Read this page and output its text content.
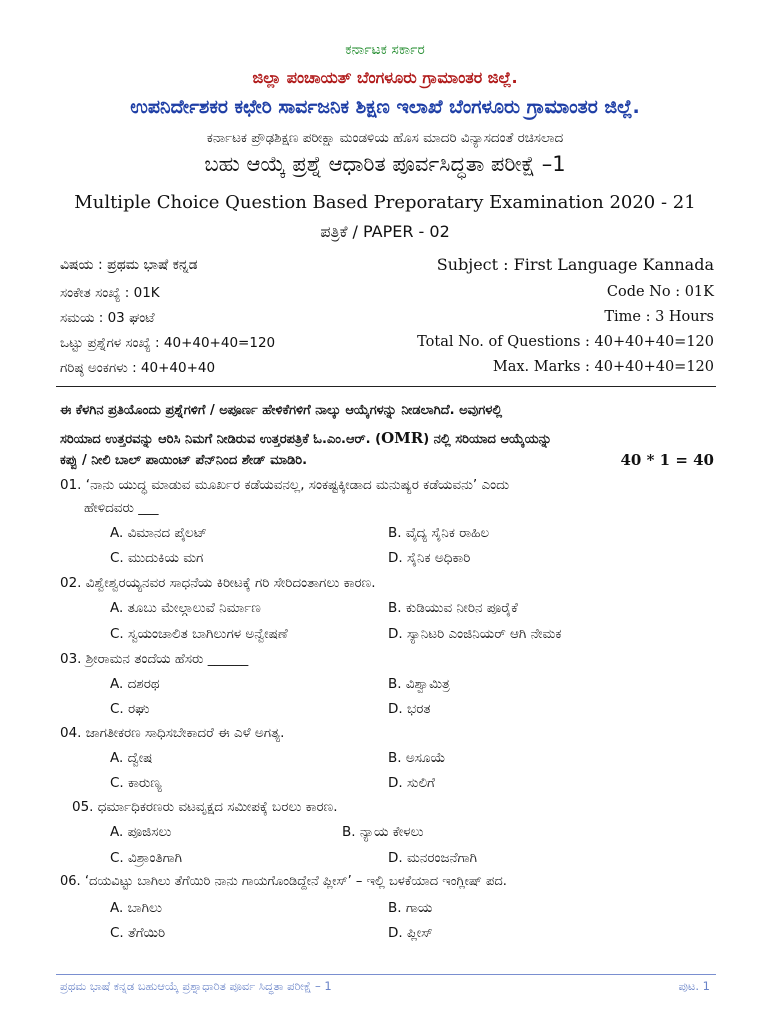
ಕರ್ನಾಟಕ ಸರ್ಕಾರ
ಜಿಲ್ಲಾ ಪಂಚಾಯತ್ ಬೆಂಗಳೂರು ಗ್ರಾಮಾಂತರ ಜಿಲ್ಲೆ.
ಉಪನಿರ್ದೇಶಕರ ಕಛೇರಿ ಸಾರ್ವಜನಿಕ ಶಿಕ್ಷಣ ಇಲಾಖೆ ಬೆಂಗಳೂರು ಗ್ರಾಮಾಂತರ ಜಿಲ್ಲೆ.
ಕರ್ನಾಟಕ ಪ್ರೌಢಶಿಕ್ಷಣ ಪರೀಕ್ಷಾ ಮಂಡಳಿಯ ಹೊಸ ಮಾದರಿ ವಿನ್ಯಾಸದಂತೆ ರಚಿಸಲಾದ
ಬಹು ಆಯ್ಕೆ ಪ್ರಶ್ನೆ ಆಧಾರಿತ ಪೂರ್ವಸಿದ್ಧತಾ ಪರೀಕ್ಷೆ –1
Multiple Choice Question Based Preporatary Examination 2020 - 21
ಪತ್ರಿಕೆ / PAPER - 02
ವಿಷಯ : ಪ್ರಥಮ ಭಾಷೆ ಕನ್ನಡ	Subject : First Language Kannada
ಸಂಕೇತ ಸಂಖ್ಯೆ : 01K	Code No : 01K
ಸಮಯ : 03 ಘಂಟೆ	Time : 3 Hours
ಒಟ್ಟು ಪ್ರಶ್ನೆಗಳ ಸಂಖ್ಯೆ : 40+40+40=120	Total No. of Questions : 40+40+40=120
ಗರಿಷ್ಠ ಅಂಕಗಳು : 40+40+40	Max. Marks : 40+40+40=120
ಈ ಕೆಳಗಿನ ಪ್ರತಿಯೊಂದು ಪ್ರಶ್ನೆಗಳಿಗೆ / ಅಪೂರ್ಣ ಹೇಳಿಕೆಗಳಿಗೆ ನಾಲ್ಕು ಆಯ್ಕೆಗಳನ್ನು ನೀಡಲಾಗಿದೆ. ಅವುಗಳಲ್ಲಿ
ಸರಿಯಾದ ಉತ್ತರವನ್ನು ಆರಿಸಿ ನಿಮಗೆ ನೀಡಿರುವ ಉತ್ತರಪತ್ರಿಕೆ ಓ.ಎಂ.ಆರ್. (OMR) ನಲ್ಲಿ ಸರಿಯಾದ ಆಯ್ಕೆಯನ್ನು
ಕಪ್ಪು / ನೀಲಿ ಬಾಲ್ ಪಾಯಿಂಟ್ ಪೆನ್‌ನಿಂದ ಶೇಡ್ ಮಾಡಿರಿ.	40 * 1 = 40
01. ‘ನಾನು ಯುದ್ಧ ಮಾಡುವ ಮೂರ್ಖರ ಕಡೆಯವನಲ್ಲ, ಸಂಕಷ್ಟಕ್ಕೀಡಾದ ಮನುಷ್ಯರ ಕಡೆಯವನು’ ಎಂದು
ಹೇಳಿದವರು ___
A. ವಿಮಾನದ ಪೈಲಟ್	B. ವೈದ್ಯ ಸೈನಿಕ ರಾಹಿಲ
C. ಮುದುಕಿಯ ಮಗ	D. ಸೈನಿಕ ಅಧಿಕಾರಿ
02. ವಿಶ್ವೇಶ್ವರಯ್ಯನವರ ಸಾಧನೆಯ ಕಿರೀಟಕ್ಕೆ ಗರಿ ಸೇರಿದಂತಾಗಲು ಕಾರಣ.
A. ತೂಬು ಮೇಲ್ಗಾಲುವೆ ನಿರ್ಮಾಣ	B. ಕುಡಿಯುವ ನೀರಿನ ಪೂರೈಕೆ
C. ಸ್ವಯಂಚಾಲಿತ ಬಾಗಿಲುಗಳ ಅನ್ವೇಷಣೆ	D. ಸ್ಯಾನಿಟರಿ ಎಂಜಿನಿಯರ್ ಆಗಿ ನೇಮಕ
03. ಶ್ರೀರಾಮನ ತಂದೆಯ ಹೆಸರು ______
A. ದಶರಥ	B. ವಿಶ್ವಾಮಿತ್ರ
C. ರಘು	D. ಭರತ
04. ಜಾಗತೀಕರಣ ಸಾಧಿಸಬೇಕಾದರೆ ಈ ಎಳೆ ಅಗತ್ಯ.
A. ದ್ವೇಷ	B. ಅಸೂಯೆ
C. ಕಾರುಣ್ಯ	D. ಸುಲಿಗೆ
05. ಧರ್ಮಾಧಿಕರಣರು ವಟವೃಕ್ಷದ ಸಮೀಪಕ್ಕೆ ಬರಲು ಕಾರಣ.
A. ಪೂಜಿಸಲು	B. ನ್ಯಾಯ ಕೇಳಲು
C. ವಿಶ್ರಾಂತಿಗಾಗಿ	D. ಮನರಂಜನೆಗಾಗಿ
06. ‘ದಯವಿಟ್ಟು ಬಾಗಿಲು ತೆಗೆಯಿರಿ ನಾನು ಗಾಯಗೊಂಡಿದ್ದೇನೆ ಪ್ಲೀಸ್’ – ಇಲ್ಲಿ ಬಳಕೆಯಾದ ಇಂಗ್ಲೀಷ್ ಪದ.
A. ಬಾಗಿಲು	B. ಗಾಯ
C. ತೆಗೆಯಿರಿ	D. ಪ್ಲೀಸ್
ಪ್ರಥಮ ಭಾಷೆ ಕನ್ನಡ ಬಹುಆಯ್ಕೆ ಪ್ರಶ್ನಾಧಾರಿತ ಪೂರ್ವ ಸಿದ್ಧತಾ ಪರೀಕ್ಷೆ – 1	ಪುಟ. 1
